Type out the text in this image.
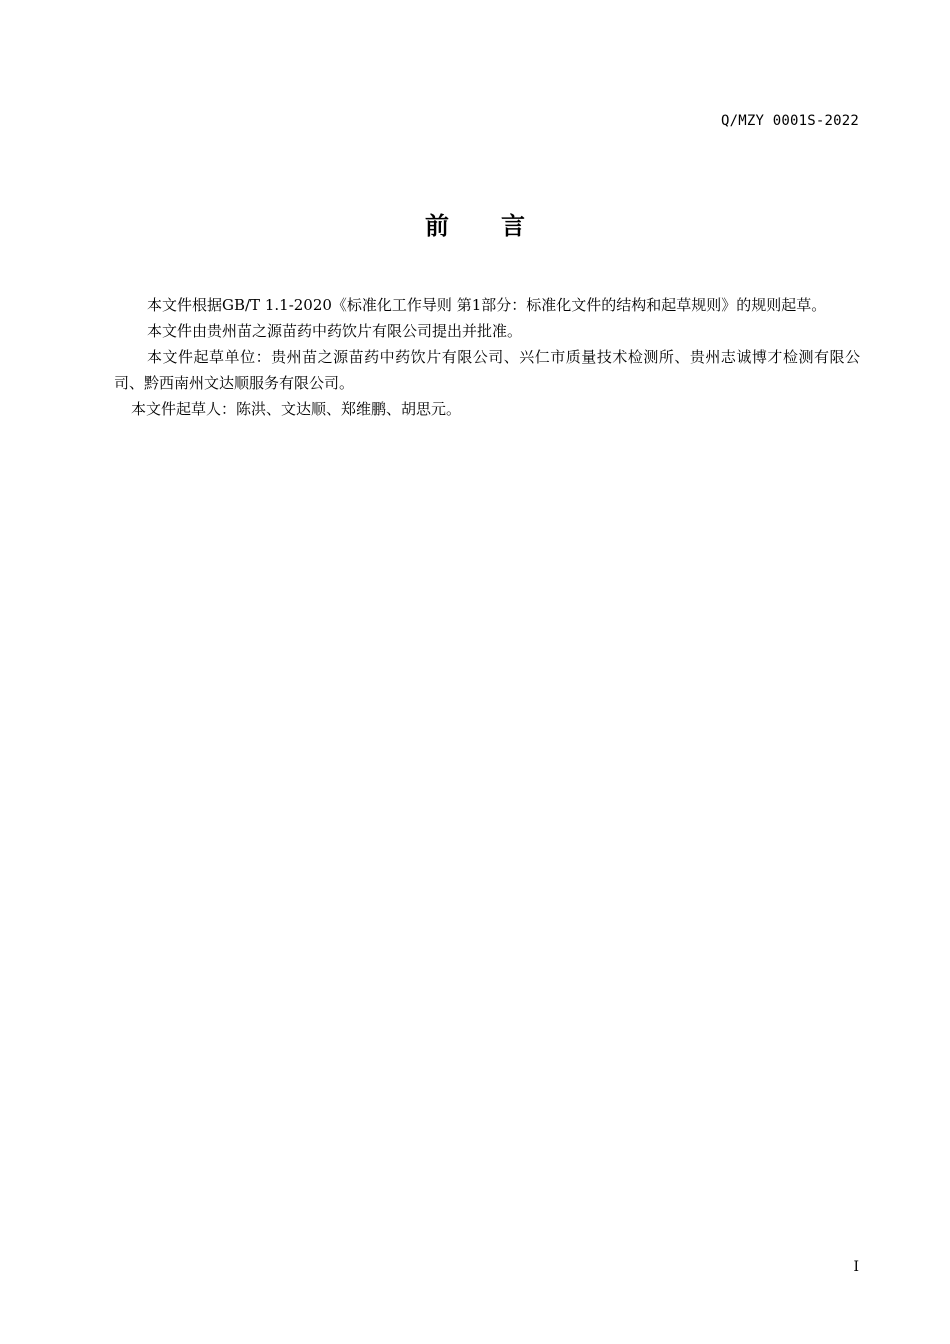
Q/MZY 0001S-2022
前 言

本文件根据GB/T 1.1-2020《标准化工作导则 第1部分：标准化文件的结构和起草规则》的规则起草。

本文件由贵州苗之源苗药中药饮片有限公司提出并批准。

本文件起草单位：贵州苗之源苗药中药饮片有限公司、兴仁市质量技术检测所、贵州志诚博才检测有限公司、黔西南州文达顺服务有限公司。

本文件起草人：陈洪、文达顺、郑维鹏、胡思元。

I
